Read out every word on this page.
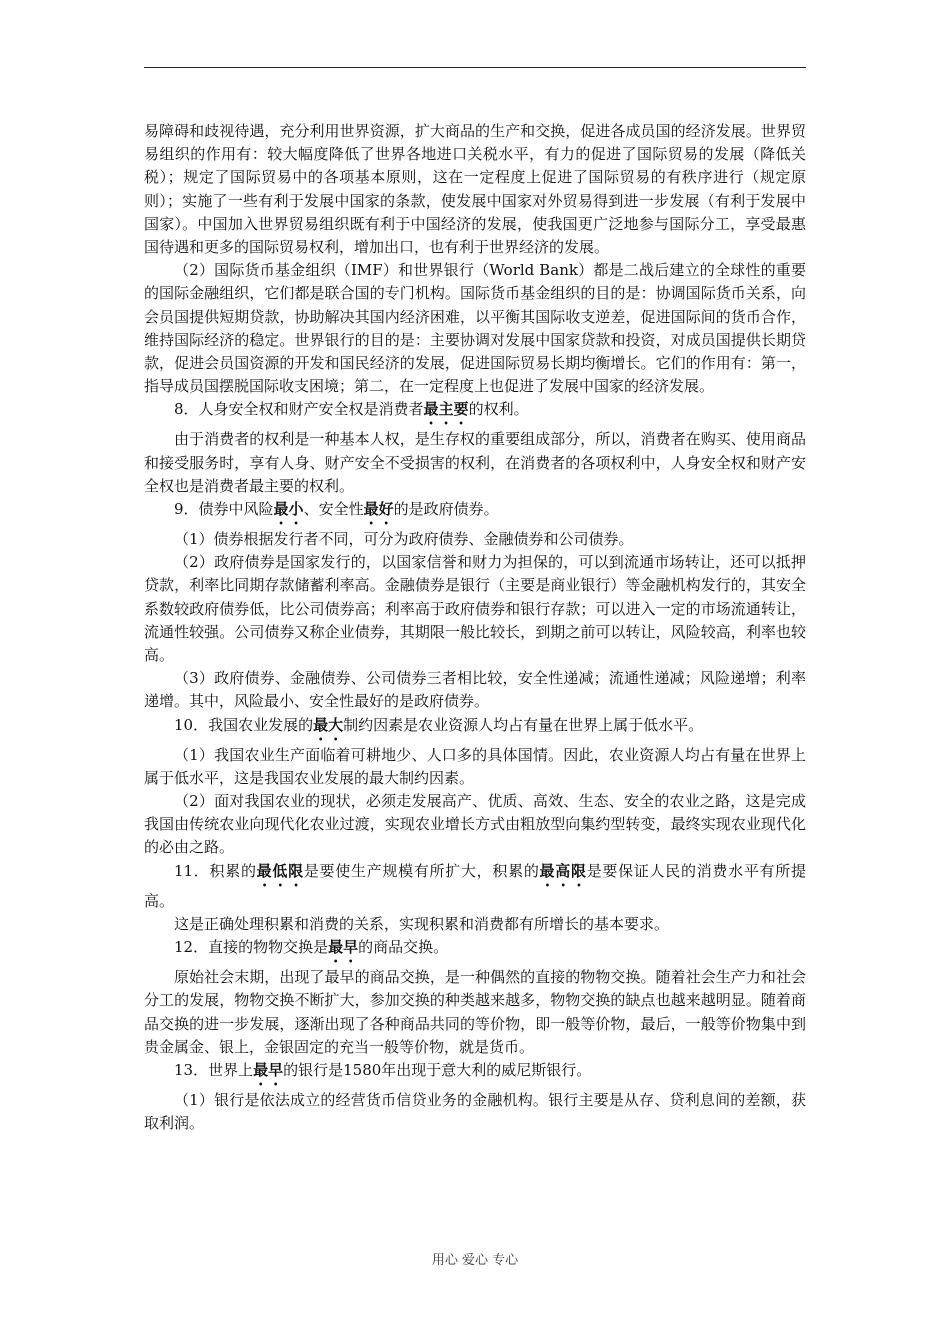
易障碍和歧视待遇，充分利用世界资源，扩大商品的生产和交换，促进各成员国的经济发展。世界贸易组织的作用有：较大幅度降低了世界各地进口关税水平，有力的促进了国际贸易的发展（降低关税）；规定了国际贸易中的各项基本原则，这在一定程度上促进了国际贸易的有秩序进行（规定原则）；实施了一些有利于发展中国家的条款，使发展中国家对外贸易得到进一步发展（有利于发展中国家）。中国加入世界贸易组织既有利于中国经济的发展，使我国更广泛地参与国际分工，享受最惠国待遇和更多的国际贸易权利，增加出口，也有利于世界经济的发展。

（2）国际货币基金组织（IMF）和世界银行（World Bank）都是二战后建立的全球性的重要的国际金融组织，它们都是联合国的专门机构。国际货币基金组织的目的是：协调国际货币关系，向会员国提供短期贷款，协助解决其国内经济困难，以平衡其国际收支逆差，促进国际间的货币合作，维持国际经济的稳定。世界银行的目的是：主要协调对发展中国家贷款和投资，对成员国提供长期贷款，促进会员国资源的开发和国民经济的发展，促进国际贸易长期均衡增长。它们的作用有：第一，指导成员国摆脱国际收支困境；第二，在一定程度上也促进了发展中国家的经济发展。

8．人身安全权和财产安全权是消费者最主要的权利。

由于消费者的权利是一种基本人权，是生存权的重要组成部分，所以，消费者在购买、使用商品和接受服务时，享有人身、财产安全不受损害的权利，在消费者的各项权利中，人身安全权和财产安全权也是消费者最主要的权利。

9．债券中风险最小、安全性最好的是政府债券。

（1）债券根据发行者不同，可分为政府债券、金融债券和公司债券。

（2）政府债券是国家发行的，以国家信誉和财力为担保的，可以到流通市场转让，还可以抵押贷款，利率比同期存款储蓄利率高。金融债券是银行（主要是商业银行）等金融机构发行的，其安全系数较政府债券低，比公司债券高；利率高于政府债券和银行存款；可以进入一定的市场流通转让，流通性较强。公司债券又称企业债券，其期限一般比较长，到期之前可以转让，风险较高，利率也较高。

（3）政府债券、金融债券、公司债券三者相比较，安全性递减；流通性递减；风险递增；利率递增。其中，风险最小、安全性最好的是政府债券。

10．我国农业发展的最大制约因素是农业资源人均占有量在世界上属于低水平。

（1）我国农业生产面临着可耕地少、人口多的具体国情。因此，农业资源人均占有量在世界上属于低水平，这是我国农业发展的最大制约因素。

（2）面对我国农业的现状，必须走发展高产、优质、高效、生态、安全的农业之路，这是完成我国由传统农业向现代化农业过渡，实现农业增长方式由粗放型向集约型转变，最终实现农业现代化的必由之路。

11．积累的最低限是要使生产规模有所扩大，积累的最高限是要保证人民的消费水平有所提高。

这是正确处理积累和消费的关系，实现积累和消费都有所增长的基本要求。

12．直接的物物交换是最早的商品交换。

原始社会末期，出现了最早的商品交换，是一种偶然的直接的物物交换。随着社会生产力和社会分工的发展，物物交换不断扩大，参加交换的种类越来越多，物物交换的缺点也越来越明显。随着商品交换的进一步发展，逐渐出现了各种商品共同的等价物，即一般等价物，最后，一般等价物集中到贵金属金、银上，金银固定的充当一般等价物，就是货币。

13．世界上最早的银行是1580年出现于意大利的威尼斯银行。

（1）银行是依法成立的经营货币信贷业务的金融机构。银行主要是从存、贷利息间的差额，获取利润。

用心 爱心 专心
